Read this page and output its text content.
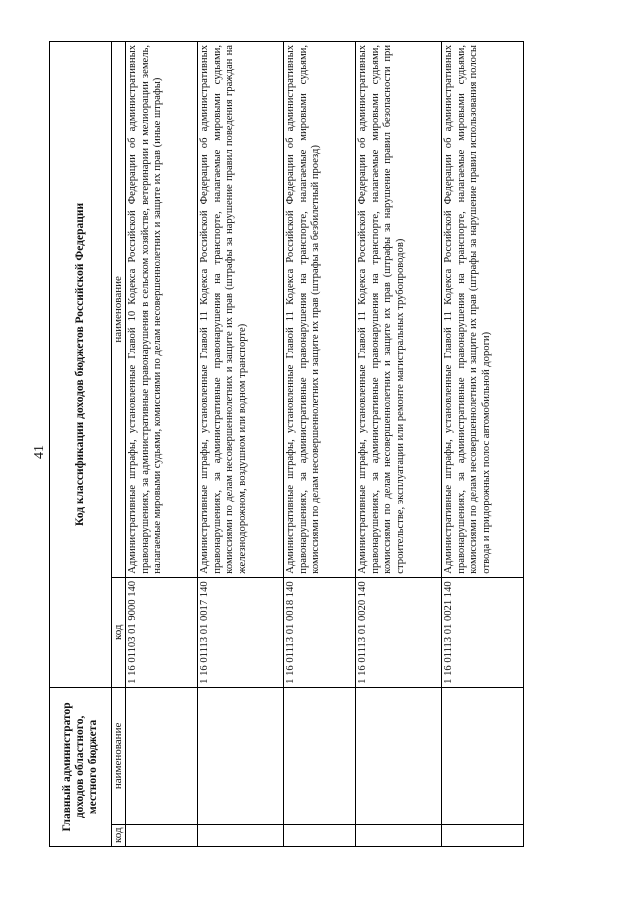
41
Главный администратор доходов областного, местного бюджета		Код классификации доходов бюджетов Российской Федерации	
код	наименование	код	наименование
		1 16 01103 01 9000 140	Административные штрафы, установленные Главой 10 Кодекса Российской Федерации об административных правонарушениях, за административные правонарушения в сельском хозяйстве, ветеринарии и мелиорации земель, налагаемые мировыми судьями, комиссиями по делам несовершеннолетних и защите их прав (иные штрафы)
		1 16 01113 01 0017 140	Административные штрафы, установленные Главой 11 Кодекса Российской Федерации об административных правонарушениях, за административные правонарушения на транспорте, налагаемые мировыми судьями, комиссиями по делам несовершеннолетних и защите их прав (штрафы за нарушение правил поведения граждан на железнодорожном, воздушном или водном транспорте)
		1 16 01113 01 0018 140	Административные штрафы, установленные Главой 11 Кодекса Российской Федерации об административных правонарушениях, за административные правонарушения на транспорте, налагаемые мировыми судьями, комиссиями по делам несовершеннолетних и защите их прав (штрафы за безбилетный проезд)
		1 16 01113 01 0020 140	Административные штрафы, установленные Главой 11 Кодекса Российской Федерации об административных правонарушениях, за административные правонарушения на транспорте, налагаемые мировыми судьями, комиссиями по делам несовершеннолетних и защите их прав (штрафы за нарушение правил безопасности при строительстве, эксплуатации или ремонте магистральных трубопроводов)
		1 16 01113 01 0021 140	Административные штрафы, установленные Главой 11 Кодекса Российской Федерации об административных правонарушениях, за административные правонарушения на транспорте, налагаемые мировыми судьями, комиссиями по делам несовершеннолетних и защите их прав (штрафы за нарушение правил использования полосы отвода и придорожных полос автомобильной дороги)
